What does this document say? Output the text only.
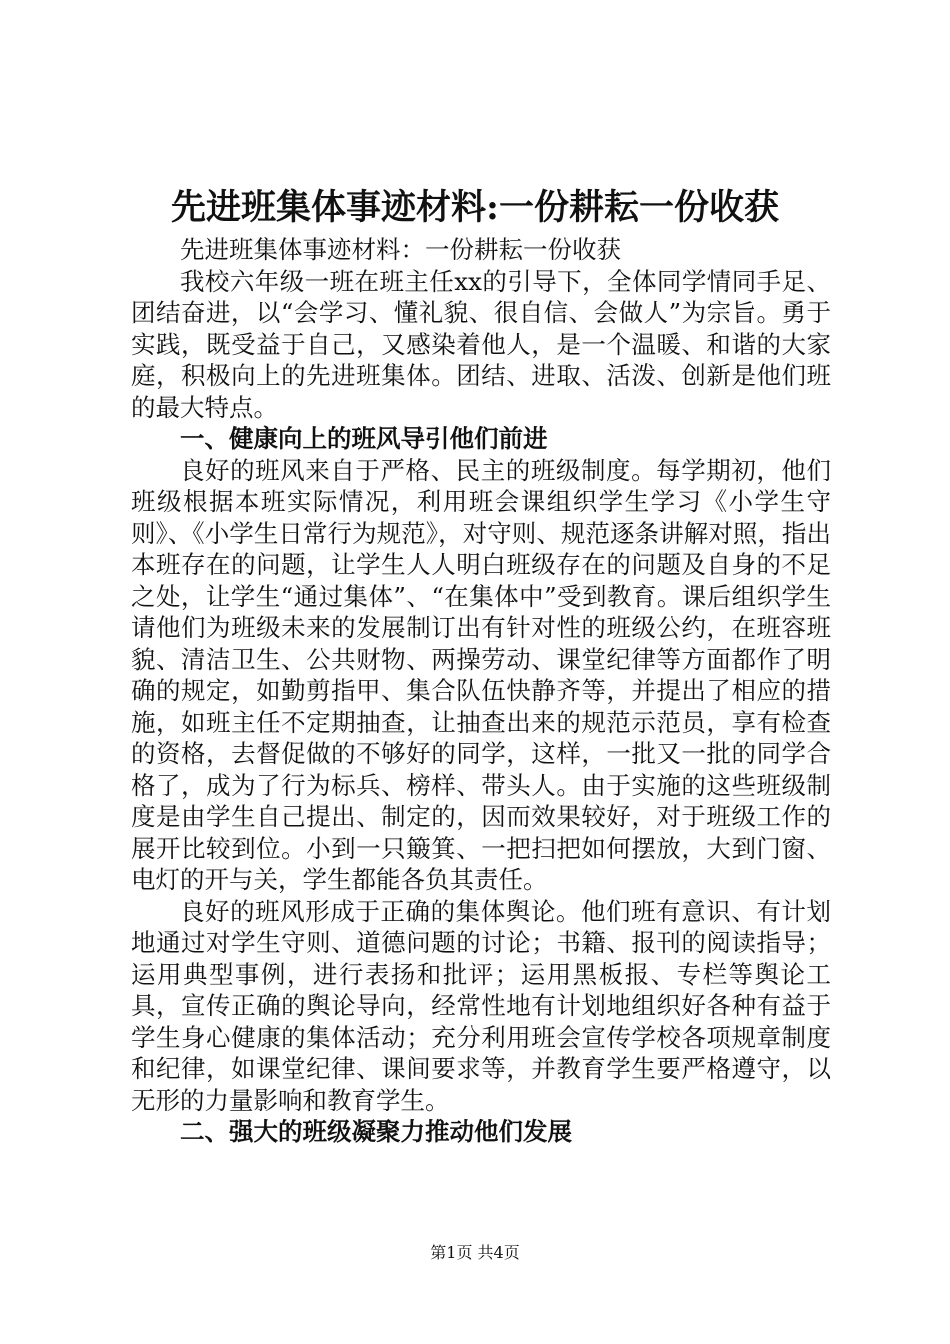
先进班集体事迹材料:一份耕耘一份收获

先进班集体事迹材料：一份耕耘一份收获

我校六年级一班在班主任xx的引导下，全体同学情同手足、团结奋进，以“会学习、懂礼貌、很自信、会做人”为宗旨。勇于实践，既受益于自己，又感染着他人，是一个温暖、和谐的大家庭，积极向上的先进班集体。团结、进取、活泼、创新是他们班的最大特点。

一、健康向上的班风导引他们前进

良好的班风来自于严格、民主的班级制度。每学期初，他们班级根据本班实际情况，利用班会课组织学生学习《小学生守则》、《小学生日常行为规范》，对守则、规范逐条讲解对照，指出本班存在的问题，让学生人人明白班级存在的问题及自身的不足之处，让学生“通过集体”、“在集体中”受到教育。课后组织学生请他们为班级未来的发展制订出有针对性的班级公约，在班容班貌、清洁卫生、公共财物、两操劳动、课堂纪律等方面都作了明确的规定，如勤剪指甲、集合队伍快静齐等，并提出了相应的措施，如班主任不定期抽查，让抽查出来的规范示范员，享有检查的资格，去督促做的不够好的同学，这样，一批又一批的同学合格了，成为了行为标兵、榜样、带头人。由于实施的这些班级制度是由学生自己提出、制定的，因而效果较好，对于班级工作的展开比较到位。小到一只簸箕、一把扫把如何摆放，大到门窗、电灯的开与关，学生都能各负其责任。

良好的班风形成于正确的集体舆论。他们班有意识、有计划地通过对学生守则、道德问题的讨论；书籍、报刊的阅读指导；运用典型事例，进行表扬和批评；运用黑板报、专栏等舆论工具，宣传正确的舆论导向，经常性地有计划地组织好各种有益于学生身心健康的集体活动；充分利用班会宣传学校各项规章制度和纪律，如课堂纪律、课间要求等，并教育学生要严格遵守，以无形的力量影响和教育学生。

二、强大的班级凝聚力推动他们发展

第1页 共4页
